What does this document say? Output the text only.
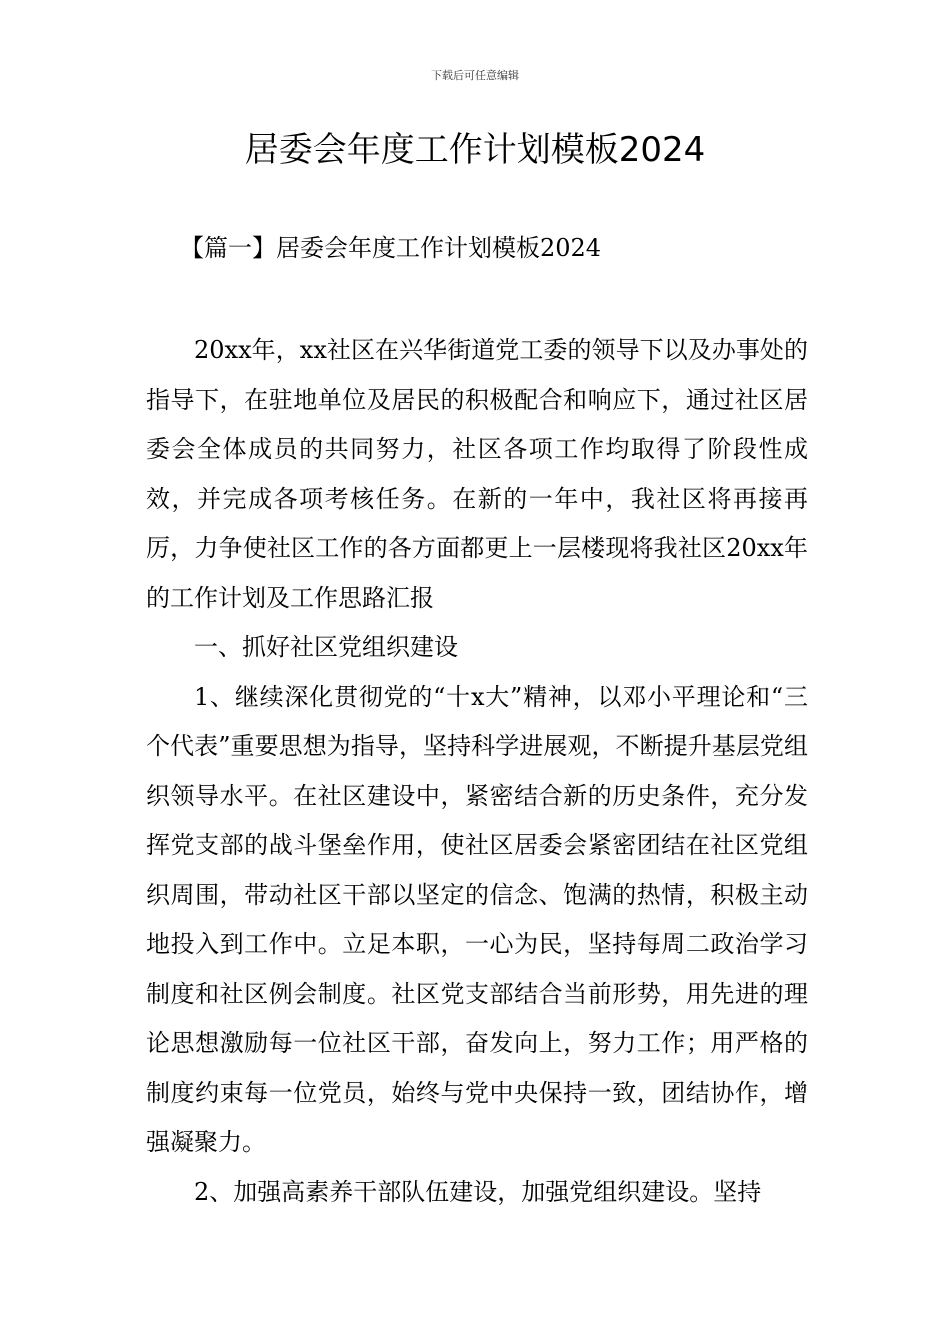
下载后可任意编辑
居委会年度工作计划模板2024
【篇一】居委会年度工作计划模板2024

20xx年，xx社区在兴华街道党工委的领导下以及办事处的指导下，在驻地单位及居民的积极配合和响应下，通过社区居委会全体成员的共同努力，社区各项工作均取得了阶段性成效，并完成各项考核任务。在新的一年中，我社区将再接再厉，力争使社区工作的各方面都更上一层楼现将我社区20xx年的工作计划及工作思路汇报

一、抓好社区党组织建设

1、继续深化贯彻党的“十x大”精神，以邓小平理论和“三个代表”重要思想为指导，坚持科学进展观，不断提升基层党组织领导水平。在社区建设中，紧密结合新的历史条件，充分发挥党支部的战斗堡垒作用，使社区居委会紧密团结在社区党组织周围，带动社区干部以坚定的信念、饱满的热情，积极主动地投入到工作中。立足本职，一心为民，坚持每周二政治学习制度和社区例会制度。社区党支部结合当前形势，用先进的理论思想激励每一位社区干部，奋发向上，努力工作；用严格的制度约束每一位党员，始终与党中央保持一致，团结协作，增强凝聚力。

2、加强高素养干部队伍建设，加强党组织建设。坚持
